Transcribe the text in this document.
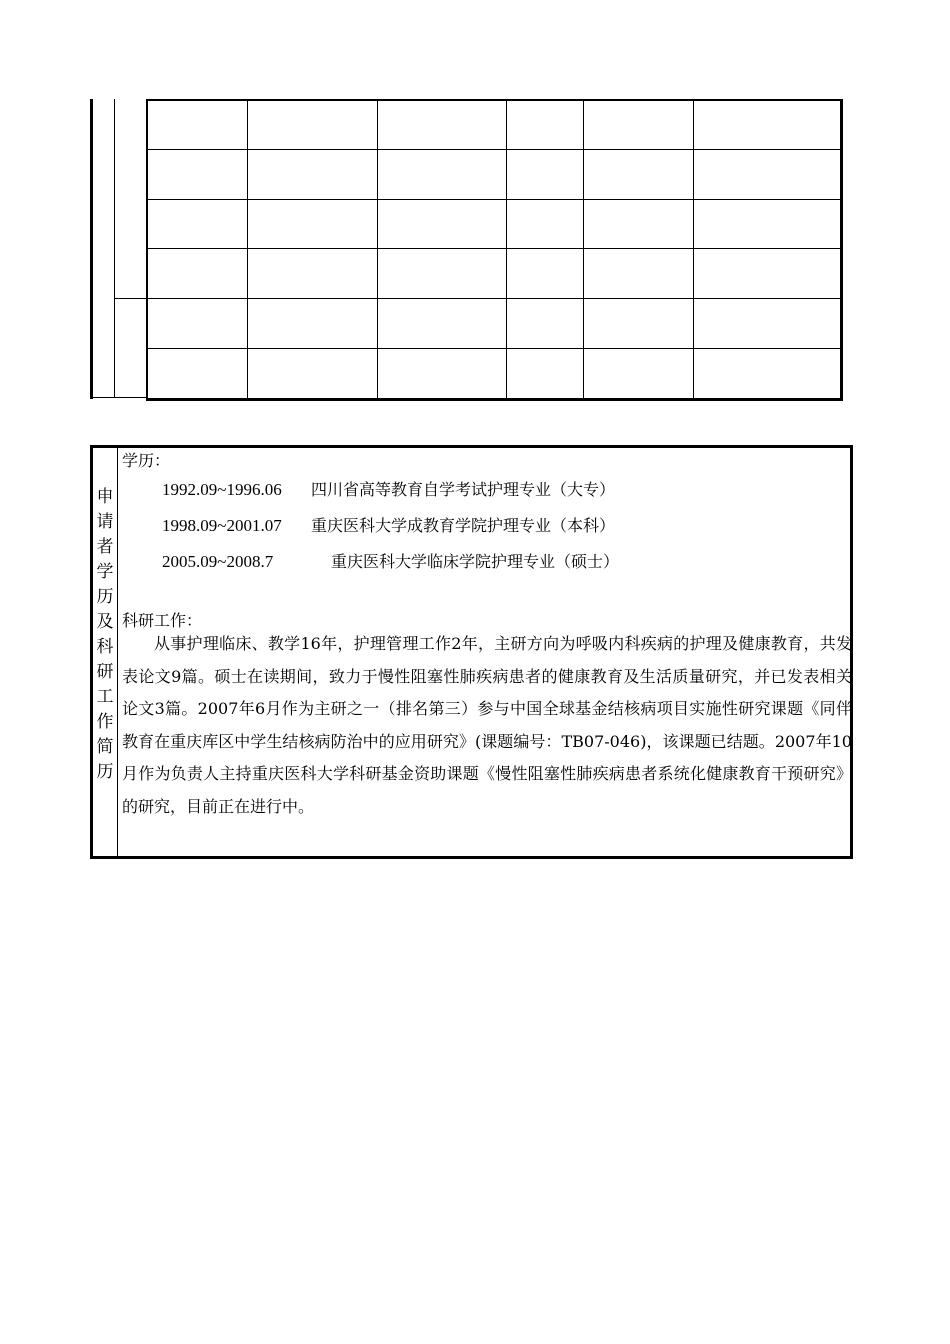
申
请
者
学
历
及
科
研
工
作
简
历

学历：

1992.09~1996.06 四川省高等教育自学考试护理专业（大专）
1998.09~2001.07 重庆医科大学成教育学院护理专业（本科）
2005.09~2008.7	重庆医科大学临床学院护理专业（硕士）

科研工作：

从事护理临床、教学16年，护理管理工作2年，主研方向为呼吸内科疾病的护理及健康教育，共发表论文9篇。硕士在读期间，致力于慢性阻塞性肺疾病患者的健康教育及生活质量研究，并已发表相关论文3篇。2007年6月作为主研之一（排名第三）参与中国全球基金结核病项目实施性研究课题《同伴教育在重庆库区中学生结核病防治中的应用研究》(课题编号：TB07-046)，该课题已结题。2007年10月作为负责人主持重庆医科大学科研基金资助课题《慢性阻塞性肺疾病患者系统化健康教育干预研究》的研究，目前正在进行中。
